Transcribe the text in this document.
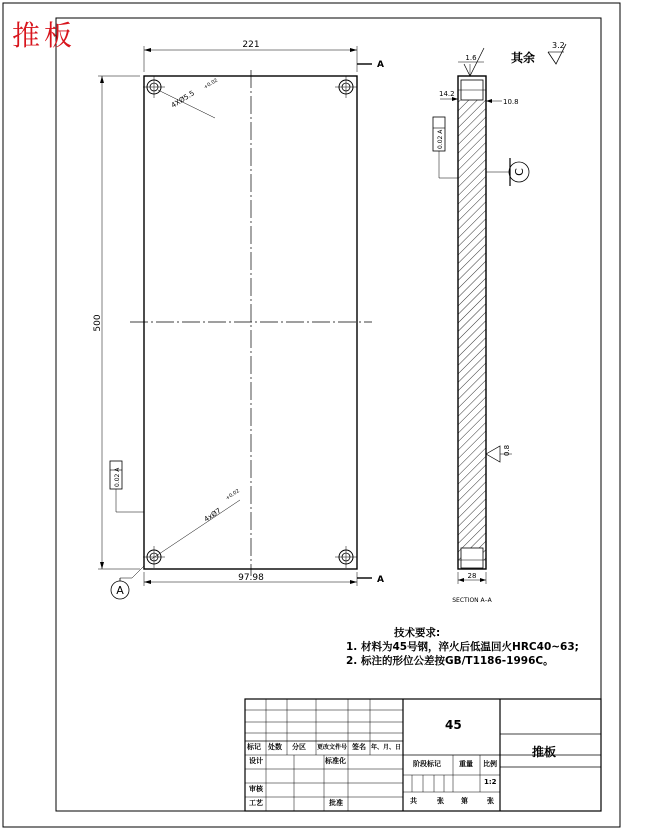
221
500
97.98
A
A
4XØ5.5
+0.02
4xØ7
+0.02
0.02 A
A
1.6
14.2
10.8
0.02 A
C
0.8
28
SECTION A–A
其余
3.2
推板
技术要求:
1. 材料为45号钢，淬火后低温回火HRC40~63;
2. 标注的形位公差按GB/T1186-1996C。
45
推板
标记 处数 分区 更改文件号 签名 年、月、日
设计	标准化
审核
工艺	批准
阶段标记	重量 比例
1:2
共	张 第	张
